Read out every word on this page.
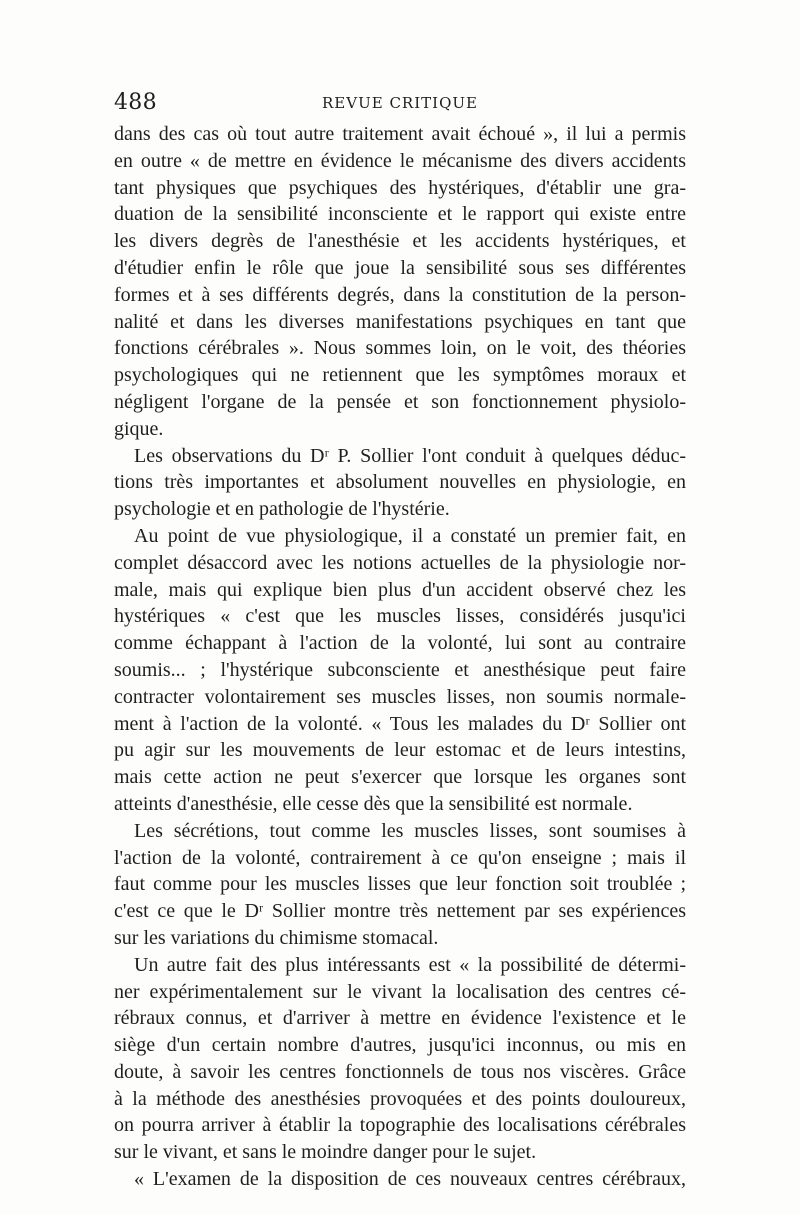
488	REVUE CRITIQUE
dans des cas où tout autre traitement avait échoué », il lui a permis
en outre « de mettre en évidence le mécanisme des divers accidents
tant physiques que psychiques des hystériques, d'établir une gra-
duation de la sensibilité inconsciente et le rapport qui existe entre
les divers degrès de l'anesthésie et les accidents hystériques, et
d'étudier enfin le rôle que joue la sensibilité sous ses différentes
formes et à ses différents degrés, dans la constitution de la person-
nalité et dans les diverses manifestations psychiques en tant que
fonctions cérébrales ». Nous sommes loin, on le voit, des théories
psychologiques qui ne retiennent que les symptômes moraux et
négligent l'organe de la pensée et son fonctionnement physiolo-
gique.
Les observations du Dʳ P. Sollier l'ont conduit à quelques déduc-
tions très importantes et absolument nouvelles en physiologie, en
psychologie et en pathologie de l'hystérie.
Au point de vue physiologique, il a constaté un premier fait, en
complet désaccord avec les notions actuelles de la physiologie nor-
male, mais qui explique bien plus d'un accident observé chez les
hystériques « c'est que les muscles lisses, considérés jusqu'ici
comme échappant à l'action de la volonté, lui sont au contraire
soumis... ; l'hystérique subconsciente et anesthésique peut faire
contracter volontairement ses muscles lisses, non soumis normale-
ment à l'action de la volonté. « Tous les malades du Dʳ Sollier ont
pu agir sur les mouvements de leur estomac et de leurs intestins,
mais cette action ne peut s'exercer que lorsque les organes sont
atteints d'anesthésie, elle cesse dès que la sensibilité est normale.
Les sécrétions, tout comme les muscles lisses, sont soumises à
l'action de la volonté, contrairement à ce qu'on enseigne ; mais il
faut comme pour les muscles lisses que leur fonction soit troublée ;
c'est ce que le Dʳ Sollier montre très nettement par ses expériences
sur les variations du chimisme stomacal.
Un autre fait des plus intéressants est « la possibilité de détermi-
ner expérimentalement sur le vivant la localisation des centres cé-
rébraux connus, et d'arriver à mettre en évidence l'existence et le
siège d'un certain nombre d'autres, jusqu'ici inconnus, ou mis en
doute, à savoir les centres fonctionnels de tous nos viscères. Grâce
à la méthode des anesthésies provoquées et des points douloureux,
on pourra arriver à établir la topographie des localisations cérébrales
sur le vivant, et sans le moindre danger pour le sujet.
« L'examen de la disposition de ces nouveaux centres cérébraux,
